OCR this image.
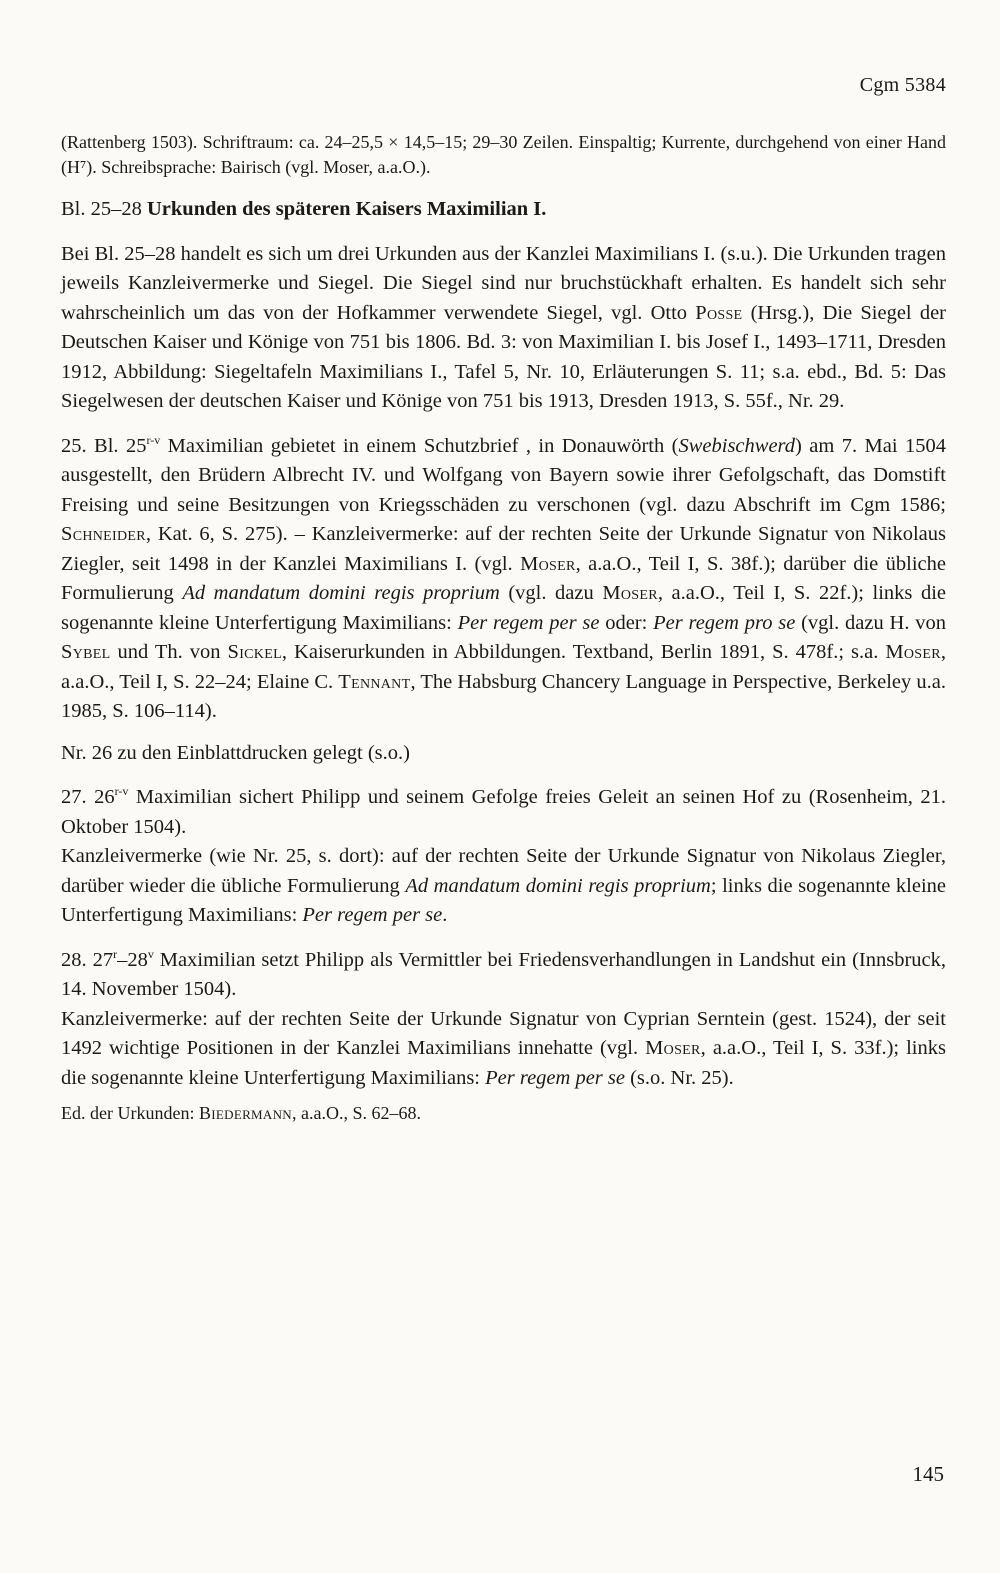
Cgm 5384

(Rattenberg 1503). Schriftraum: ca. 24–25,5 × 14,5–15; 29–30 Zeilen. Einspaltig; Kurrente, durchgehend von einer Hand (H⁷). Schreibsprache: Bairisch (vgl. Moser, a.a.O.).

Bl. 25–28 Urkunden des späteren Kaisers Maximilian I.

Bei Bl. 25–28 handelt es sich um drei Urkunden aus der Kanzlei Maximilians I. (s.u.). Die Urkunden tragen jeweils Kanzleivermerke und Siegel. Die Siegel sind nur bruchstückhaft erhalten. Es handelt sich sehr wahrscheinlich um das von der Hofkammer verwendete Siegel, vgl. Otto Posse (Hrsg.), Die Siegel der Deutschen Kaiser und Könige von 751 bis 1806. Bd. 3: von Maximilian I. bis Josef I., 1493–1711, Dresden 1912, Abbildung: Siegeltafeln Maximilians I., Tafel 5, Nr. 10, Erläuterungen S. 11; s.a. ebd., Bd. 5: Das Siegelwesen der deutschen Kaiser und Könige von 751 bis 1913, Dresden 1913, S. 55f., Nr. 29.

25. Bl. 25$^{r-v}$ Maximilian gebietet in einem Schutzbrief , in Donauwörth (Swebischwerd) am 7. Mai 1504 ausgestellt, den Brüdern Albrecht IV. und Wolfgang von Bayern sowie ihrer Gefolgschaft, das Domstift Freising und seine Besitzungen von Kriegsschäden zu verschonen (vgl. dazu Abschrift im Cgm 1586; Schneider, Kat. 6, S. 275). – Kanzleivermerke: auf der rechten Seite der Urkunde Signatur von Nikolaus Ziegler, seit 1498 in der Kanzlei Maximilians I. (vgl. Moser, a.a.O., Teil I, S. 38f.); darüber die übliche Formulierung Ad mandatum domini regis proprium (vgl. dazu Moser, a.a.O., Teil I, S. 22f.); links die sogenannte kleine Unterfertigung Maximilians: Per regem per se oder: Per regem pro se (vgl. dazu H. von Sybel und Th. von Sickel, Kaiserurkunden in Abbildungen. Textband, Berlin 1891, S. 478f.; s.a. Moser, a.a.O., Teil I, S. 22–24; Elaine C. Tennant, The Habsburg Chancery Language in Perspective, Berkeley u.a. 1985, S. 106–114).

Nr. 26 zu den Einblattdrucken gelegt (s.o.)

27. 26$^{r-v}$ Maximilian sichert Philipp und seinem Gefolge freies Geleit an seinen Hof zu (Rosenheim, 21. Oktober 1504).

Kanzleivermerke (wie Nr. 25, s. dort): auf der rechten Seite der Urkunde Signatur von Nikolaus Ziegler, darüber wieder die übliche Formulierung Ad mandatum domini regis proprium; links die sogenannte kleine Unterfertigung Maximilians: Per regem per se.

28. 27$^r$–28$^v$ Maximilian setzt Philipp als Vermittler bei Friedensverhandlungen in Landshut ein (Innsbruck, 14. November 1504).

Kanzleivermerke: auf der rechten Seite der Urkunde Signatur von Cyprian Serntein (gest. 1524), der seit 1492 wichtige Positionen in der Kanzlei Maximilians innehatte (vgl. Moser, a.a.O., Teil I, S. 33f.); links die sogenannte kleine Unterfertigung Maximilians: Per regem per se (s.o. Nr. 25).

Ed. der Urkunden: Biedermann, a.a.O., S. 62–68.

145
